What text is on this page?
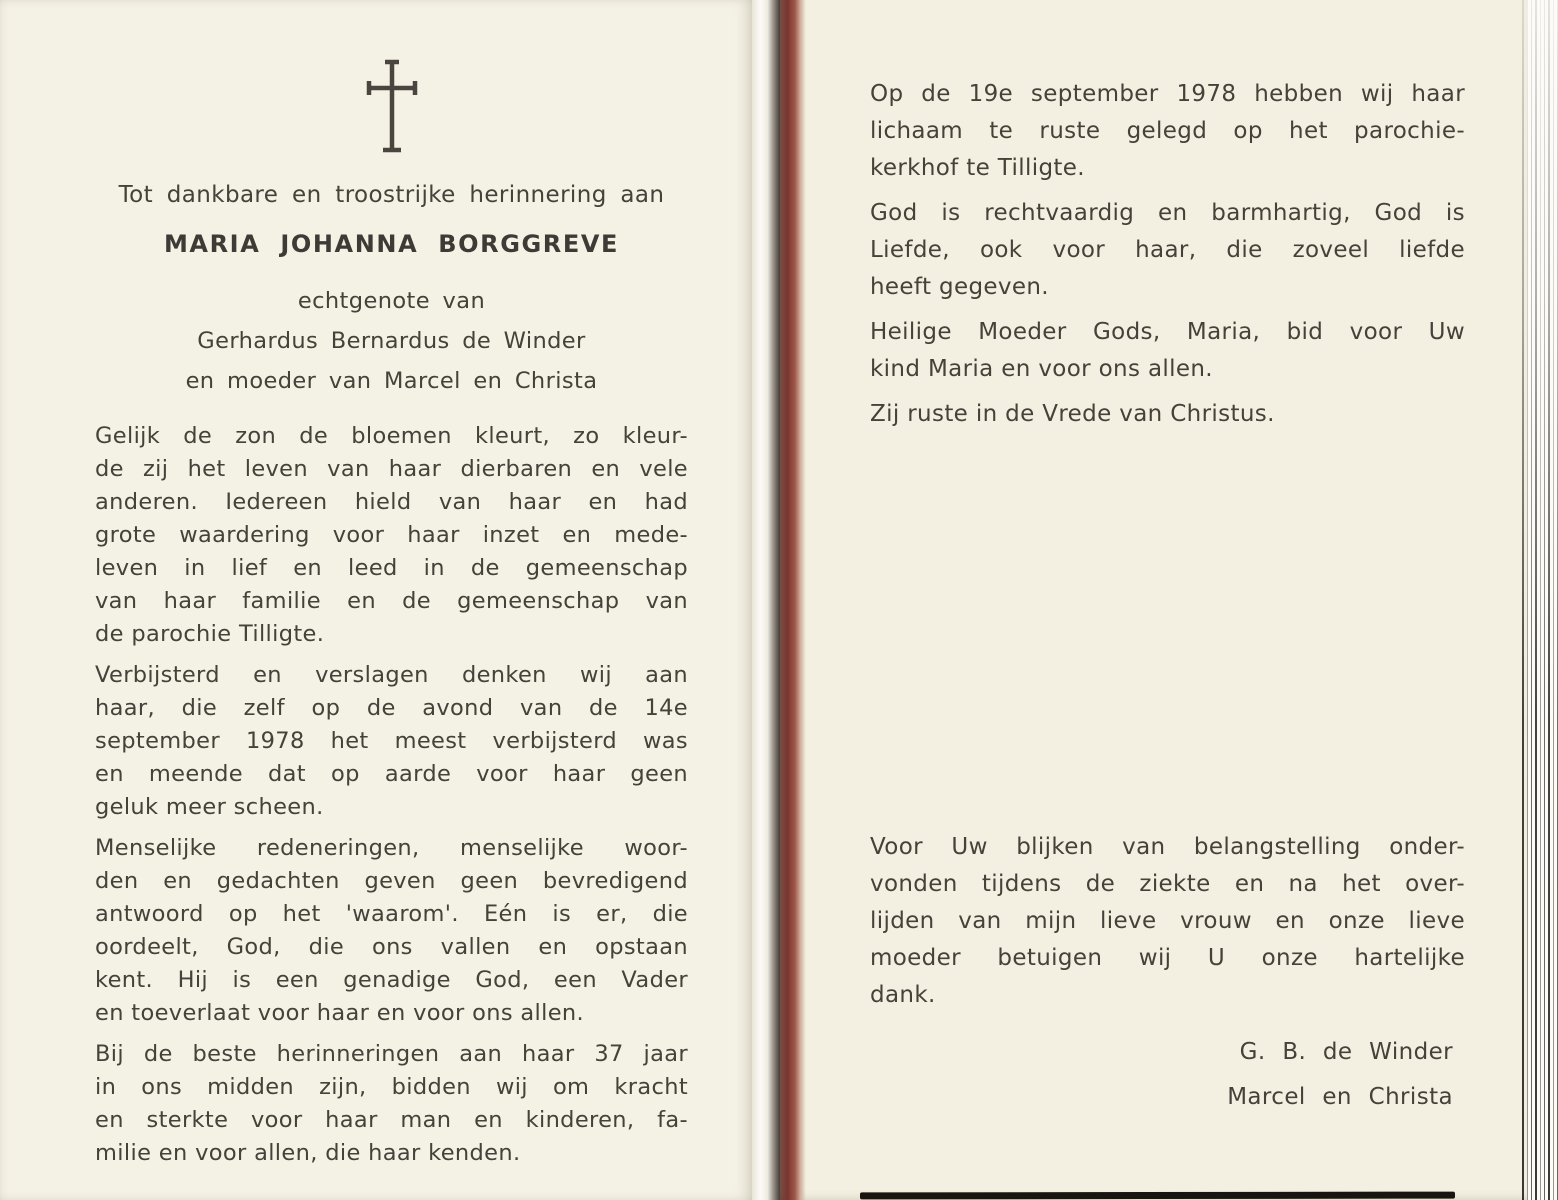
Tot dankbare en troostrijke herinnering aan
MARIA JOHANNA BORGGREVE
echtgenote van
Gerhardus Bernardus de Winder
en moeder van Marcel en Christa
Gelijk de zon de bloemen kleurt, zo kleur-
de zij het leven van haar dierbaren en vele
anderen. Iedereen hield van haar en had
grote waardering voor haar inzet en mede-
leven in lief en leed in de gemeenschap
van haar familie en de gemeenschap van
de parochie Tilligte.
Verbijsterd en verslagen denken wij aan
haar, die zelf op de avond van de 14e
september 1978 het meest verbijsterd was
en meende dat op aarde voor haar geen
geluk meer scheen.
Menselijke redeneringen, menselijke woor-
den en gedachten geven geen bevredigend
antwoord op het 'waarom'. Eén is er, die
oordeelt, God, die ons vallen en opstaan
kent. Hij is een genadige God, een Vader
en toeverlaat voor haar en voor ons allen.
Bij de beste herinneringen aan haar 37 jaar
in ons midden zijn, bidden wij om kracht
en sterkte voor haar man en kinderen, fa-
milie en voor allen, die haar kenden.
Op de 19e september 1978 hebben wij haar
lichaam te ruste gelegd op het parochie-
kerkhof te Tilligte.
God is rechtvaardig en barmhartig, God is
Liefde, ook voor haar, die zoveel liefde
heeft gegeven.
Heilige Moeder Gods, Maria, bid voor Uw
kind Maria en voor ons allen.
Zij ruste in de Vrede van Christus.
Voor Uw blijken van belangstelling onder-
vonden tijdens de ziekte en na het over-
lijden van mijn lieve vrouw en onze lieve
moeder betuigen wij U onze hartelijke
dank.
G. B. de Winder
Marcel en Christa
